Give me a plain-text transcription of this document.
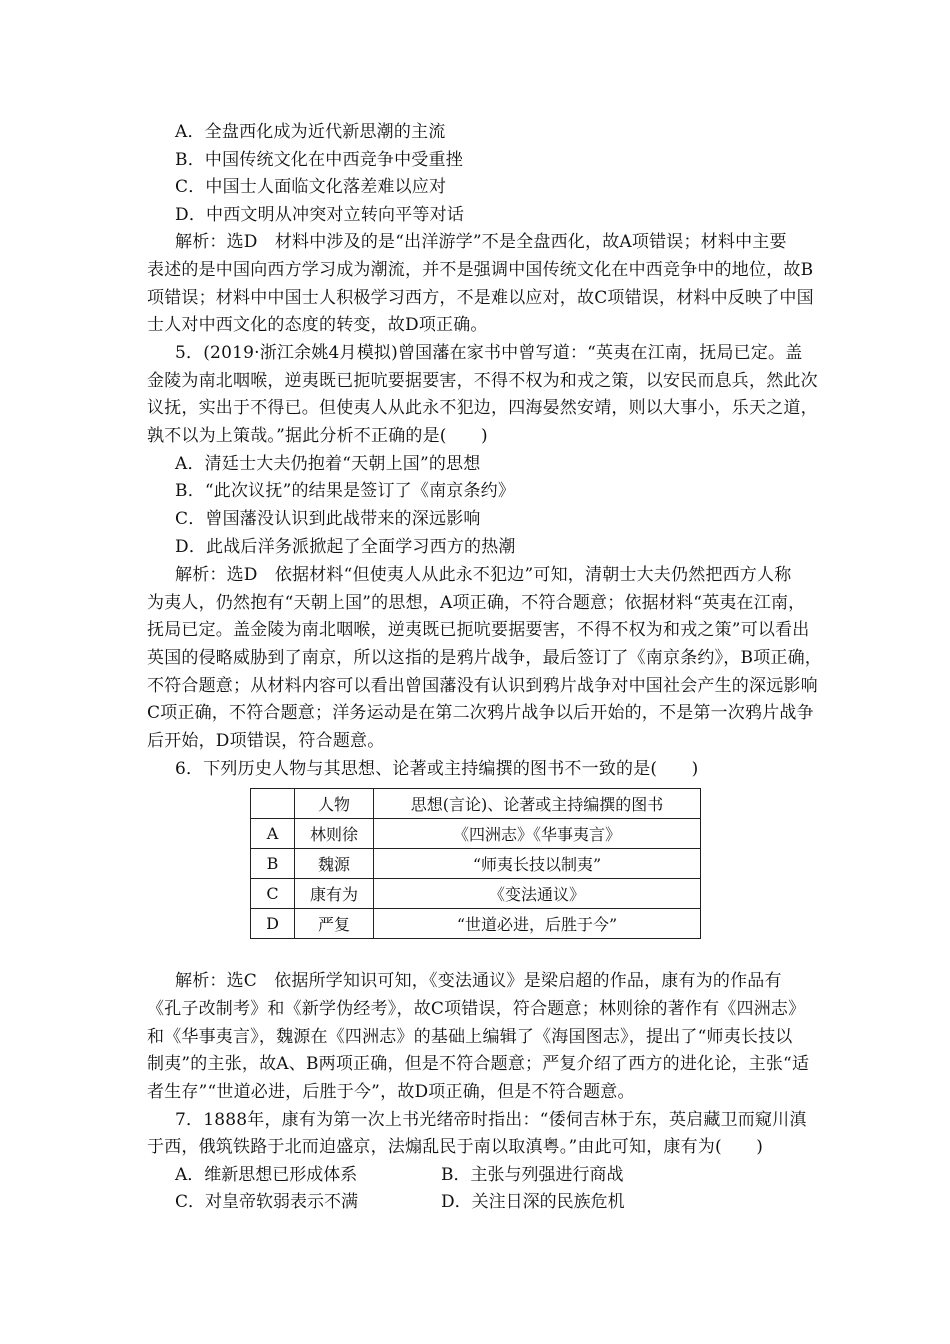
A．全盘西化成为近代新思潮的主流
B．中国传统文化在中西竞争中受重挫
C．中国士人面临文化落差难以应对
D．中西文明从冲突对立转向平等对话
解析：选D　材料中涉及的是“出洋游学”不是全盘西化，故A项错误；材料中主要
表述的是中国向西方学习成为潮流，并不是强调中国传统文化在中西竞争中的地位，故B
项错误；材料中中国士人积极学习西方，不是难以应对，故C项错误，材料中反映了中国
士人对中西文化的态度的转变，故D项正确。
5．(2019·浙江余姚4月模拟)曾国藩在家书中曾写道：“英夷在江南，抚局已定。盖
金陵为南北咽喉，逆夷既已扼吭要据要害，不得不权为和戎之策，以安民而息兵，然此次
议抚，实出于不得已。但使夷人从此永不犯边，四海晏然安靖，则以大事小，乐天之道，
孰不以为上策哉。”据此分析不正确的是(　　)
A．清廷士大夫仍抱着“天朝上国”的思想
B．“此次议抚”的结果是签订了《南京条约》
C．曾国藩没认识到此战带来的深远影响
D．此战后洋务派掀起了全面学习西方的热潮
解析：选D　依据材料“但使夷人从此永不犯边”可知，清朝士大夫仍然把西方人称
为夷人，仍然抱有“天朝上国”的思想，A项正确，不符合题意；依据材料“英夷在江南，
抚局已定。盖金陵为南北咽喉，逆夷既已扼吭要据要害，不得不权为和戎之策”可以看出
英国的侵略威胁到了南京，所以这指的是鸦片战争，最后签订了《南京条约》，B项正确，
不符合题意；从材料内容可以看出曾国藩没有认识到鸦片战争对中国社会产生的深远影响
C项正确，不符合题意；洋务运动是在第二次鸦片战争以后开始的，不是第一次鸦片战争
后开始，D项错误，符合题意。
6．下列历史人物与其思想、论著或主持编撰的图书不一致的是(　　)
	人物	思想(言论)、论著或主持编撰的图书
A	林则徐	《四洲志》《华事夷言》
B	魏源	“师夷长技以制夷”
C	康有为	《变法通议》
D	严复	“世道必进，后胜于今”
解析：选C　依据所学知识可知，《变法通议》是梁启超的作品，康有为的作品有
《孔子改制考》和《新学伪经考》，故C项错误，符合题意；林则徐的著作有《四洲志》
和《华事夷言》，魏源在《四洲志》的基础上编辑了《海国图志》，提出了“师夷长技以
制夷”的主张，故A、B两项正确，但是不符合题意；严复介绍了西方的进化论，主张“适
者生存”“世道必进，后胜于今”，故D项正确，但是不符合题意。
7．1888年，康有为第一次上书光绪帝时指出：“倭伺吉林于东，英启藏卫而窥川滇
于西，俄筑铁路于北而迫盛京，法煽乱民于南以取滇粤。”由此可知，康有为(　　)
A．维新思想已形成体系	B．主张与列强进行商战
C．对皇帝软弱表示不满	D．关注日深的民族危机
